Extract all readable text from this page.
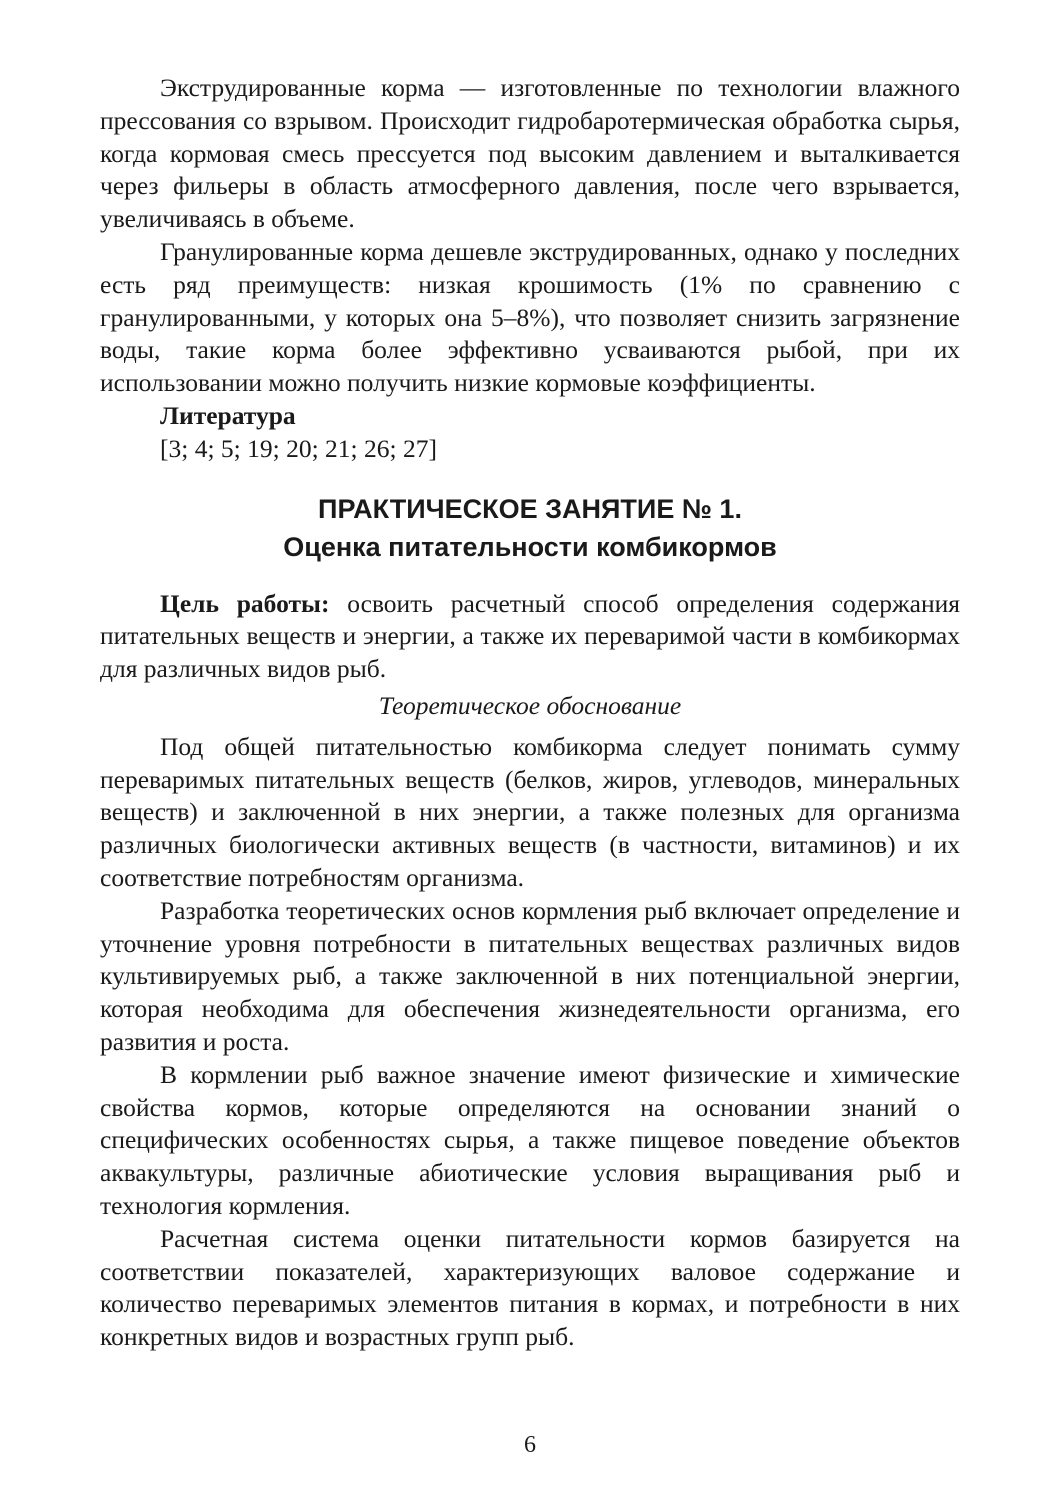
Экструдированные корма — изготовленные по технологии влажного прессования со взрывом. Происходит гидробаротермическая обработка сырья, когда кормовая смесь прессуется под высоким давлением и выталкивается через фильеры в область атмосферного давления, после чего взрывается, увеличиваясь в объеме.

Гранулированные корма дешевле экструдированных, однако у последних есть ряд преимуществ: низкая крошимость (1% по сравнению с гранулированными, у которых она 5–8%), что позволяет снизить загрязнение воды, такие корма более эффективно усваиваются рыбой, при их использовании можно получить низкие кормовые коэффициенты.

Литература
[3; 4; 5; 19; 20; 21; 26; 27]
ПРАКТИЧЕСКОЕ ЗАНЯТИЕ № 1.
Оценка питательности комбикормов

Цель работы: освоить расчетный способ определения содержания питательных веществ и энергии, а также их переваримой части в комбикормах для различных видов рыб.

Теоретическое обоснование

Под общей питательностью комбикорма следует понимать сумму переваримых питательных веществ (белков, жиров, углеводов, минеральных веществ) и заключенной в них энергии, а также полезных для организма различных биологически активных веществ (в частности, витаминов) и их соответствие потребностям организма.

Разработка теоретических основ кормления рыб включает определение и уточнение уровня потребности в питательных веществах различных видов культивируемых рыб, а также заключенной в них потенциальной энергии, которая необходима для обеспечения жизнедеятельности организма, его развития и роста.

В кормлении рыб важное значение имеют физические и химические свойства кормов, которые определяются на основании знаний о специфических особенностях сырья, а также пищевое поведение объектов аквакультуры, различные абиотические условия выращивания рыб и технология кормления.

Расчетная система оценки питательности кормов базируется на соответствии показателей, характеризующих валовое содержание и количество переваримых элементов питания в кормах, и потребности в них конкретных видов и возрастных групп рыб.

6
